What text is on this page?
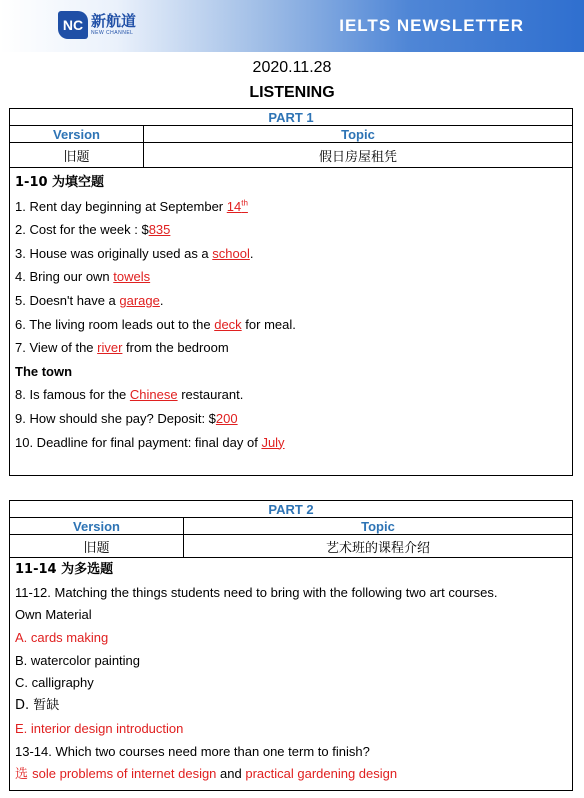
NC 新航道
NEW CHANNEL	IELTS NEWSLETTER
2020.11.28
LISTENING
PART 1
Version	Topic
旧题	假日房屋租凭
1-10 为填空题
1. Rent day beginning at September 14th
2. Cost for the week : $835
3. House was originally used as a school.
4. Bring our own towels
5. Doesn't have a garage.
6. The living room leads out to the deck for meal.
7. View of the river from the bedroom
The town
8. Is famous for the Chinese restaurant.
9. How should she pay? Deposit: $200
10. Deadline for final payment: final day of July
PART 2
Version	Topic
旧题	艺术班的课程介绍
11-14 为多选题
11-12. Matching the things students need to bring with the following two art courses.
Own Material
A. cards making
B. watercolor painting
C. calligraphy
D. 暂缺
E. interior design introduction
13-14. Which two courses need more than one term to finish?
选 sole problems of internet design and practical gardening design
